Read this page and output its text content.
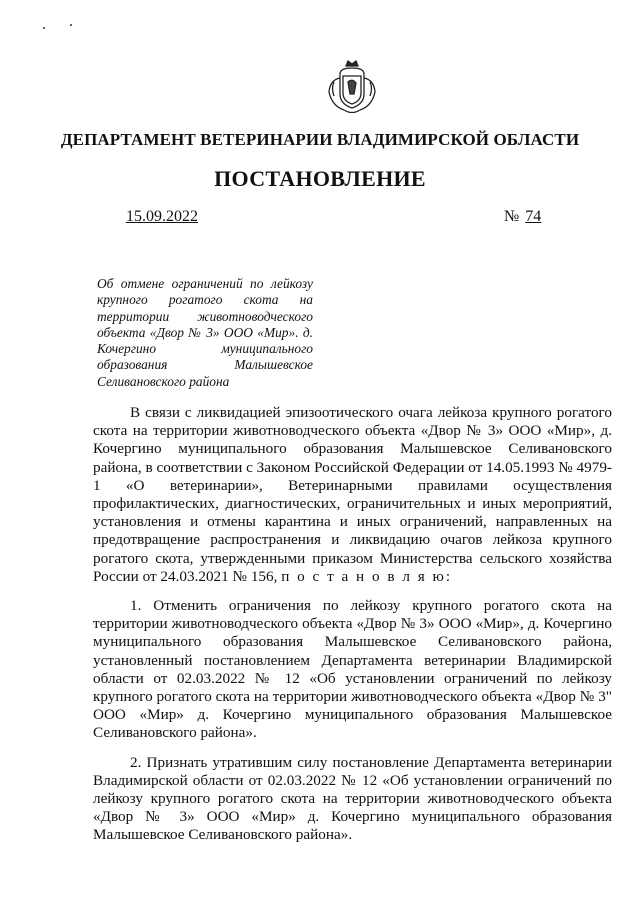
ДЕПАРТАМЕНТ ВЕТЕРИНАРИИ ВЛАДИМИРСКОЙ ОБЛАСТИ
ПОСТАНОВЛЕНИЕ
15.09.2022	№ 74
Об отмене ограничений по лейкозу крупного рогатого скота на территории животноводческого объекта «Двор № 3» ООО «Мир». д. Кочергино муниципального образования Малышевское Селивановского района

В связи с ликвидацией эпизоотического очага лейкоза крупного рогатого скота на территории животноводческого объекта «Двор № 3» ООО «Мир», д. Кочергино муниципального образования Малышевское Селивановского района, в соответствии с Законом Российской Федерации от 14.05.1993 № 4979-1 «О ветеринарии», Ветеринарными правилами осуществления профилактических, диагностических, ограничительных и иных мероприятий, установления и отмены карантина и иных ограничений, направленных на предотвращение распространения и ликвидацию очагов лейкоза крупного рогатого скота, утвержденными приказом Министерства сельского хозяйства России от 24.03.2021 № 156, п о с т а н о в л я ю:

1. Отменить ограничения по лейкозу крупного рогатого скота на территории животноводческого объекта «Двор № 3» ООО «Мир», д. Кочергино муниципального образования Малышевское Селивановского района, установленный постановлением Департамента ветеринарии Владимирской области от 02.03.2022 № 12 «Об установлении ограничений по лейкозу крупного рогатого скота на территории животноводческого объекта «Двор № 3" ООО «Мир» д. Кочергино муниципального образования Малышевское Селивановского района».

2. Признать утратившим силу постановление Департамента ветеринарии Владимирской области от 02.03.2022 № 12 «Об установлении ограничений по лейкозу крупного рогатого скота на территории животноводческого объекта «Двор № 3» ООО «Мир» д. Кочергино муниципального образования Малышевское Селивановского района».
